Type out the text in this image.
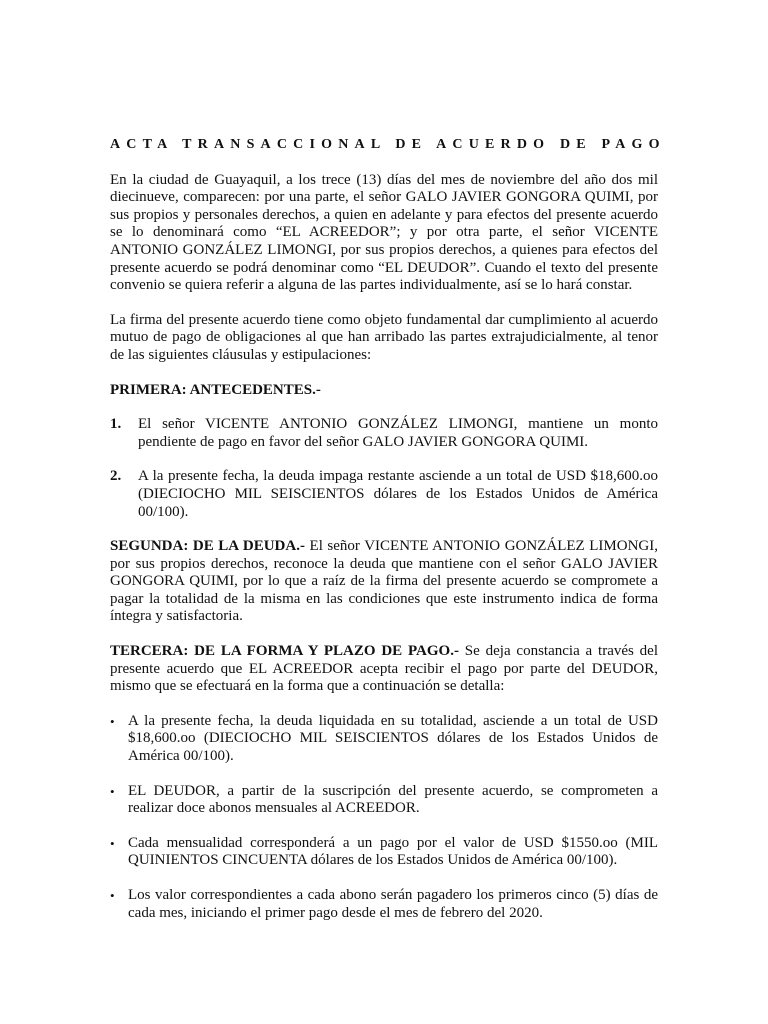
ACTA TRANSACCIONAL DE ACUERDO DE PAGO

En la ciudad de Guayaquil, a los trece (13) días del mes de noviembre del año dos mil diecinueve, comparecen: por una parte, el señor GALO JAVIER GONGORA QUIMI, por sus propios y personales derechos, a quien en adelante y para efectos del presente acuerdo se lo denominará como “EL ACREEDOR”; y por otra parte, el señor VICENTE ANTONIO GONZÁLEZ LIMONGI, por sus propios derechos, a quienes para efectos del presente acuerdo se podrá denominar como “EL DEUDOR”. Cuando el texto del presente convenio se quiera referir a alguna de las partes individualmente, así se lo hará constar.

La firma del presente acuerdo tiene como objeto fundamental dar cumplimiento al acuerdo mutuo de pago de obligaciones al que han arribado las partes extrajudicialmente, al tenor de las siguientes cláusulas y estipulaciones:

PRIMERA: ANTECEDENTES.-
1.	El señor VICENTE ANTONIO GONZÁLEZ LIMONGI, mantiene un monto pendiente de pago en favor del señor GALO JAVIER GONGORA QUIMI.
2.	A la presente fecha, la deuda impaga restante asciende a un total de USD $18,600.oo (DIECIOCHO MIL SEISCIENTOS dólares de los Estados Unidos de América 00/100).

SEGUNDA: DE LA DEUDA.- El señor VICENTE ANTONIO GONZÁLEZ LIMONGI, por sus propios derechos, reconoce la deuda que mantiene con el señor GALO JAVIER GONGORA QUIMI, por lo que a raíz de la firma del presente acuerdo se compromete a pagar la totalidad de la misma en las condiciones que este instrumento indica de forma íntegra y satisfactoria.

TERCERA: DE LA FORMA Y PLAZO DE PAGO.- Se deja constancia a través del presente acuerdo que EL ACREEDOR acepta recibir el pago por parte del DEUDOR, mismo que se efectuará en la forma que a continuación se detalla:

• A la presente fecha, la deuda liquidada en su totalidad, asciende a un total de USD $18,600.oo (DIECIOCHO MIL SEISCIENTOS dólares de los Estados Unidos de América 00/100).
• EL DEUDOR, a partir de la suscripción del presente acuerdo, se comprometen a realizar doce abonos mensuales al ACREEDOR.
• Cada mensualidad corresponderá a un pago por el valor de USD $1550.oo (MIL QUINIENTOS CINCUENTA dólares de los Estados Unidos de América 00/100).
• Los valor correspondientes a cada abono serán pagadero los primeros cinco (5) días de cada mes, iniciando el primer pago desde el mes de febrero del 2020.
